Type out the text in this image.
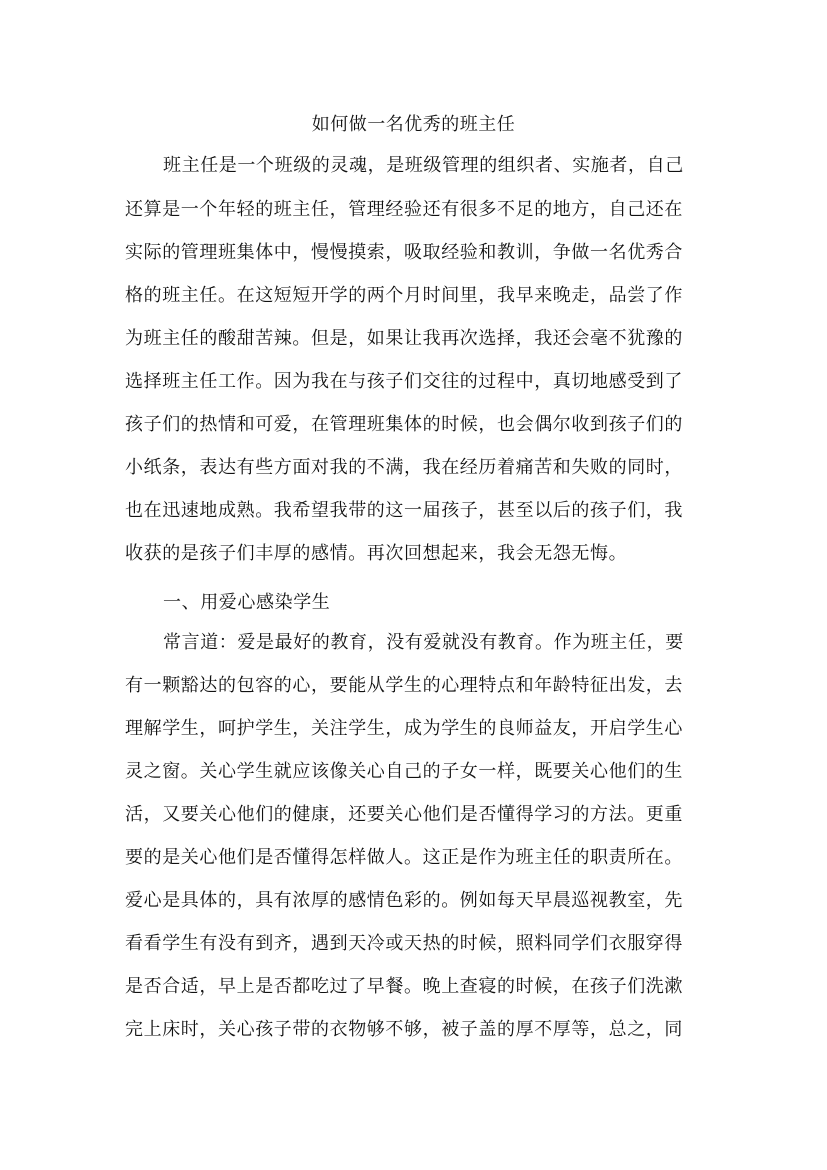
如何做一名优秀的班主任
班主任是一个班级的灵魂，是班级管理的组织者、实施者，自己
还算是一个年轻的班主任，管理经验还有很多不足的地方，自己还在
实际的管理班集体中，慢慢摸索，吸取经验和教训，争做一名优秀合
格的班主任。在这短短开学的两个月时间里，我早来晚走，品尝了作
为班主任的酸甜苦辣。但是，如果让我再次选择，我还会毫不犹豫的
选择班主任工作。因为我在与孩子们交往的过程中，真切地感受到了
孩子们的热情和可爱，在管理班集体的时候，也会偶尔收到孩子们的
小纸条，表达有些方面对我的不满，我在经历着痛苦和失败的同时，
也在迅速地成熟。我希望我带的这一届孩子，甚至以后的孩子们，我
收获的是孩子们丰厚的感情。再次回想起来，我会无怨无悔。
一、用爱心感染学生
常言道：爱是最好的教育，没有爱就没有教育。作为班主任，要
有一颗豁达的包容的心，要能从学生的心理特点和年龄特征出发，去
理解学生，呵护学生，关注学生，成为学生的良师益友，开启学生心
灵之窗。关心学生就应该像关心自己的子女一样，既要关心他们的生
活，又要关心他们的健康，还要关心他们是否懂得学习的方法。更重
要的是关心他们是否懂得怎样做人。这正是作为班主任的职责所在。
爱心是具体的，具有浓厚的感情色彩的。例如每天早晨巡视教室，先
看看学生有没有到齐，遇到天冷或天热的时候，照料同学们衣服穿得
是否合适，早上是否都吃过了早餐。晚上查寝的时候，在孩子们洗漱
完上床时，关心孩子带的衣物够不够，被子盖的厚不厚等，总之，同
